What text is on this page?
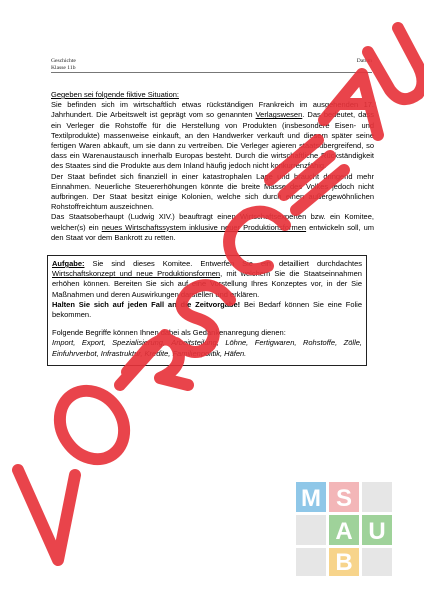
Geschichte
Klasse 11b
Datum

Gegeben sei folgende fiktive Situation:

Sie befinden sich im wirtschaftlich etwas rückständigen Frankreich im ausgehenden 17. Jahrhundert. Die Arbeitswelt ist geprägt vom so genannten Verlagswesen. Das bedeutet, dass ein Verleger die Rohstoffe für die Herstellung von Produkten (insbesondere Eisen- und Textilprodukte) massenweise einkauft, an den Handwerker verkauft und diesem später seine fertigen Waren abkauft, um sie dann zu vertreiben. Die Verleger agieren staatsübergreifend, so dass ein Warenaustausch innerhalb Europas besteht. Durch die wirtschaftliche Rückständigkeit des Staates sind die Produkte aus dem Inland häufig jedoch nicht konkurrenzfähig.

Der Staat befindet sich finanziell in einer katastrophalen Lage und braucht dringend mehr Einnahmen. Neuerliche Steuererhöhungen könnte die breite Masse des Volkes jedoch nicht aufbringen. Der Staat besitzt einige Kolonien, welche sich durch einen außergewöhnlichen Rohstoffreichtum auszeichnen.

Das Staatsoberhaupt (Ludwig XIV.) beauftragt einen Wirtschaftsexperten bzw. ein Komitee, welcher(s) ein neues Wirtschaftssystem inklusive neuer Produktionsformen entwickeln soll, um den Staat vor dem Bankrott zu retten.

Aufgabe: Sie sind dieses Komitee. Entwerfen Sie ein detailliert durchdachtes Wirtschaftskonzept und neue Produktionsformen, mit welchem Sie die Staatseinnahmen erhöhen können. Bereiten Sie sich auf eine Vorstellung Ihres Konzeptes vor, in der Sie Maßnahmen und deren Auswirkungen darstellen und erklären.

Halten Sie sich auf jeden Fall an die Zeitvorgabe! Bei Bedarf können Sie eine Folie bekommen.

Folgende Begriffe können Ihnen dabei als Gedankenanregung dienen:

Import, Export, Spezialisierung, Arbeitsteilung, Löhne, Fertigwaren, Rohstoffe, Zölle, Einfuhrverbot, Infrastruktur, Kredite, Familienpolitik, Häfen.

M S
A U
B
